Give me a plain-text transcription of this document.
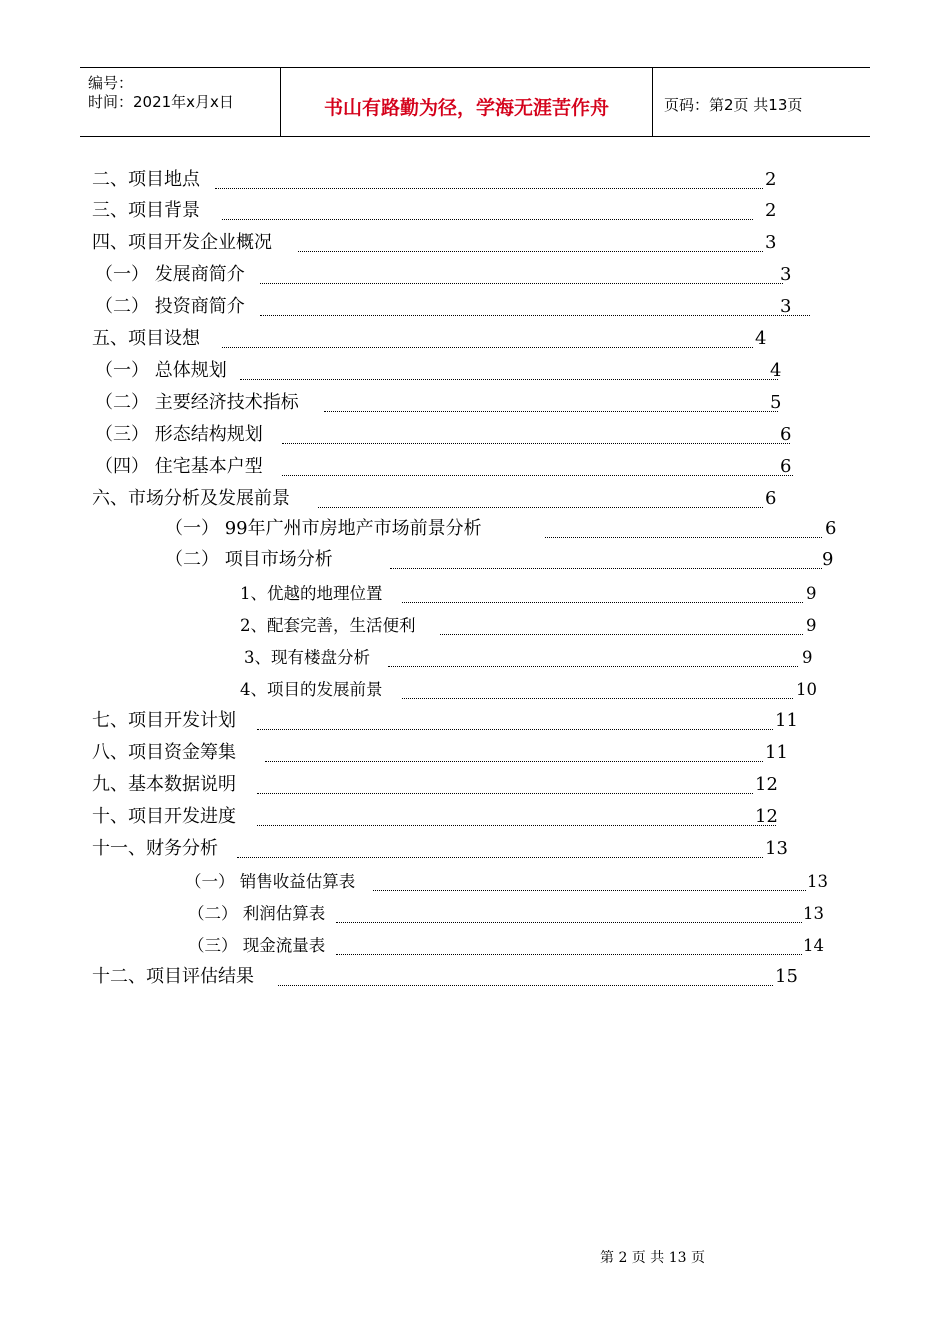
编号：
时间：2021年x月x日	书山有路勤为径，学海无涯苦作舟	页码：第2页 共13页
二、项目地点	2
三、项目背景	2
四、项目开发企业概况	3
（一） 发展商简介	3
（二） 投资商简介	3
五、项目设想	4
（一） 总体规划	4
（二） 主要经济技术指标	5
（三） 形态结构规划	6
（四） 住宅基本户型	6
六、市场分析及发展前景	6
（一） 99年广州市房地产市场前景分析	6
（二） 项目市场分析	9
1、优越的地理位置	9
2、配套完善，生活便利	9
3、现有楼盘分析	9
4、项目的发展前景	10
七、项目开发计划	11
八、项目资金筹集	11
九、基本数据说明	12
十、项目开发进度	12
十一、财务分析	13
（一） 销售收益估算表	13
（二） 利润估算表	13
（三） 现金流量表	14
十二、项目评估结果	15
第 2 页 共 13 页
